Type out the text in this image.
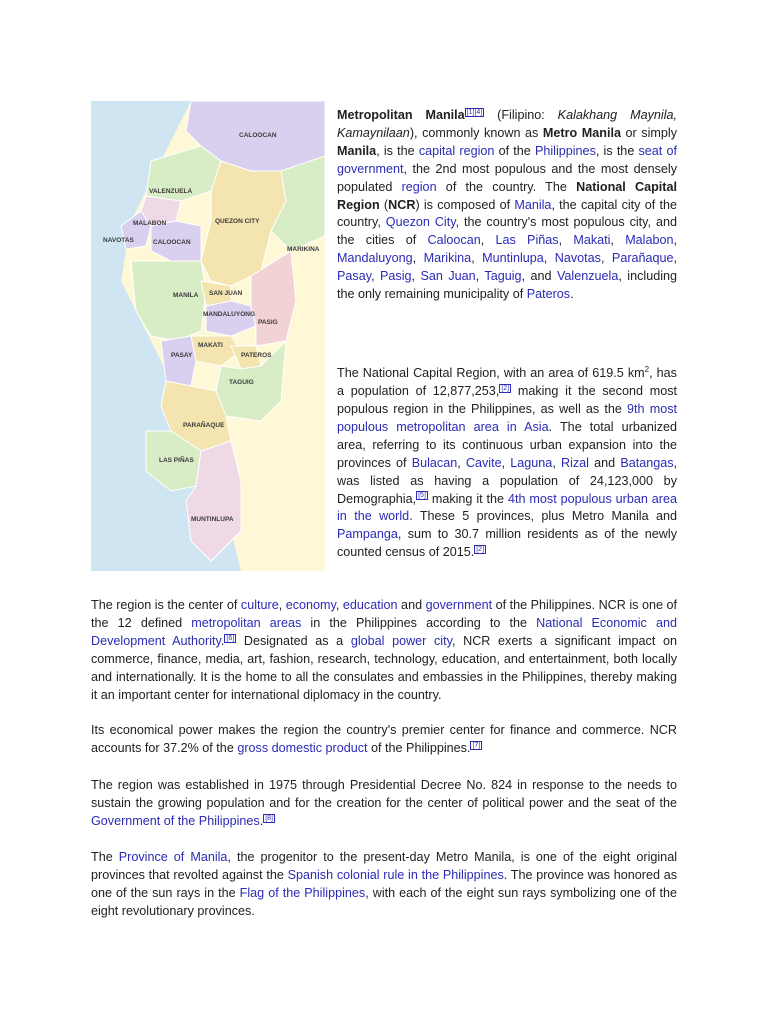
CALOOCAN
VALENZUELA
MALABON
NAVOTAS	CALOOCAN
QUEZON CITY
MARIKINA
MANILA SAN JUAN
MANDALUYONG
PASIG
MAKATI
PASAY	PATEROS
TAGUIG
PARAÑAQUE
LAS PIÑAS
MUNTINLUPA

Metropolitan Manila [1][4] (Filipino: Kalakhang Maynila, Kamaynilaan), commonly known as Metro Manila or simply Manila, is the capital region of the Philippines, is the seat of government, the 2nd most populous and the most densely populated region of the country. The National Capital Region (NCR) is composed of Manila, the capital city of the country, Quezon City, the country's most populous city, and the cities of Caloocan, Las Piñas, Makati, Malabon, Mandaluyong, Marikina, Muntinlupa, Navotas, Parañaque, Pasay, Pasig, San Juan, Taguig, and Valenzuela, including the only remaining municipality of Pateros.

The National Capital Region, with an area of 619.5 $km^2$, has a population of 12,877,253, [2] making it the second most populous region in the Philippines, as well as the 9th most populous metropolitan area in Asia. The total urbanized area, referring to its continuous urban expansion into the provinces of Bulacan, Cavite, Laguna, Rizal and Batangas, was listed as having a population of 24,123,000 by Demographia, [5] making it the 4th most populous urban area in the world. These 5 provinces, plus Metro Manila and Pampanga, sum to 30.7 million residents as of the newly counted census of 2015. [2]

The region is the center of culture, economy, education and government of the Philippines. NCR is one of the 12 defined metropolitan areas in the Philippines according to the National Economic and Development Authority. [6] Designated as a global power city, NCR exerts a significant impact on commerce, finance, media, art, fashion, research, technology, education, and entertainment, both locally and internationally. It is the home to all the consulates and embassies in the Philippines, thereby making it an important center for international diplomacy in the country.

Its economical power makes the region the country's premier center for finance and commerce. NCR accounts for 37.2% of the gross domestic product of the Philippines. [7]

The region was established in 1975 through Presidential Decree No. 824 in response to the needs to sustain the growing population and for the creation for the center of political power and the seat of the Government of the Philippines. [8]

The Province of Manila, the progenitor to the present-day Metro Manila, is one of the eight original provinces that revolted against the Spanish colonial rule in the Philippines. The province was honored as one of the sun rays in the Flag of the Philippines, with each of the eight sun rays symbolizing one of the eight revolutionary provinces.
